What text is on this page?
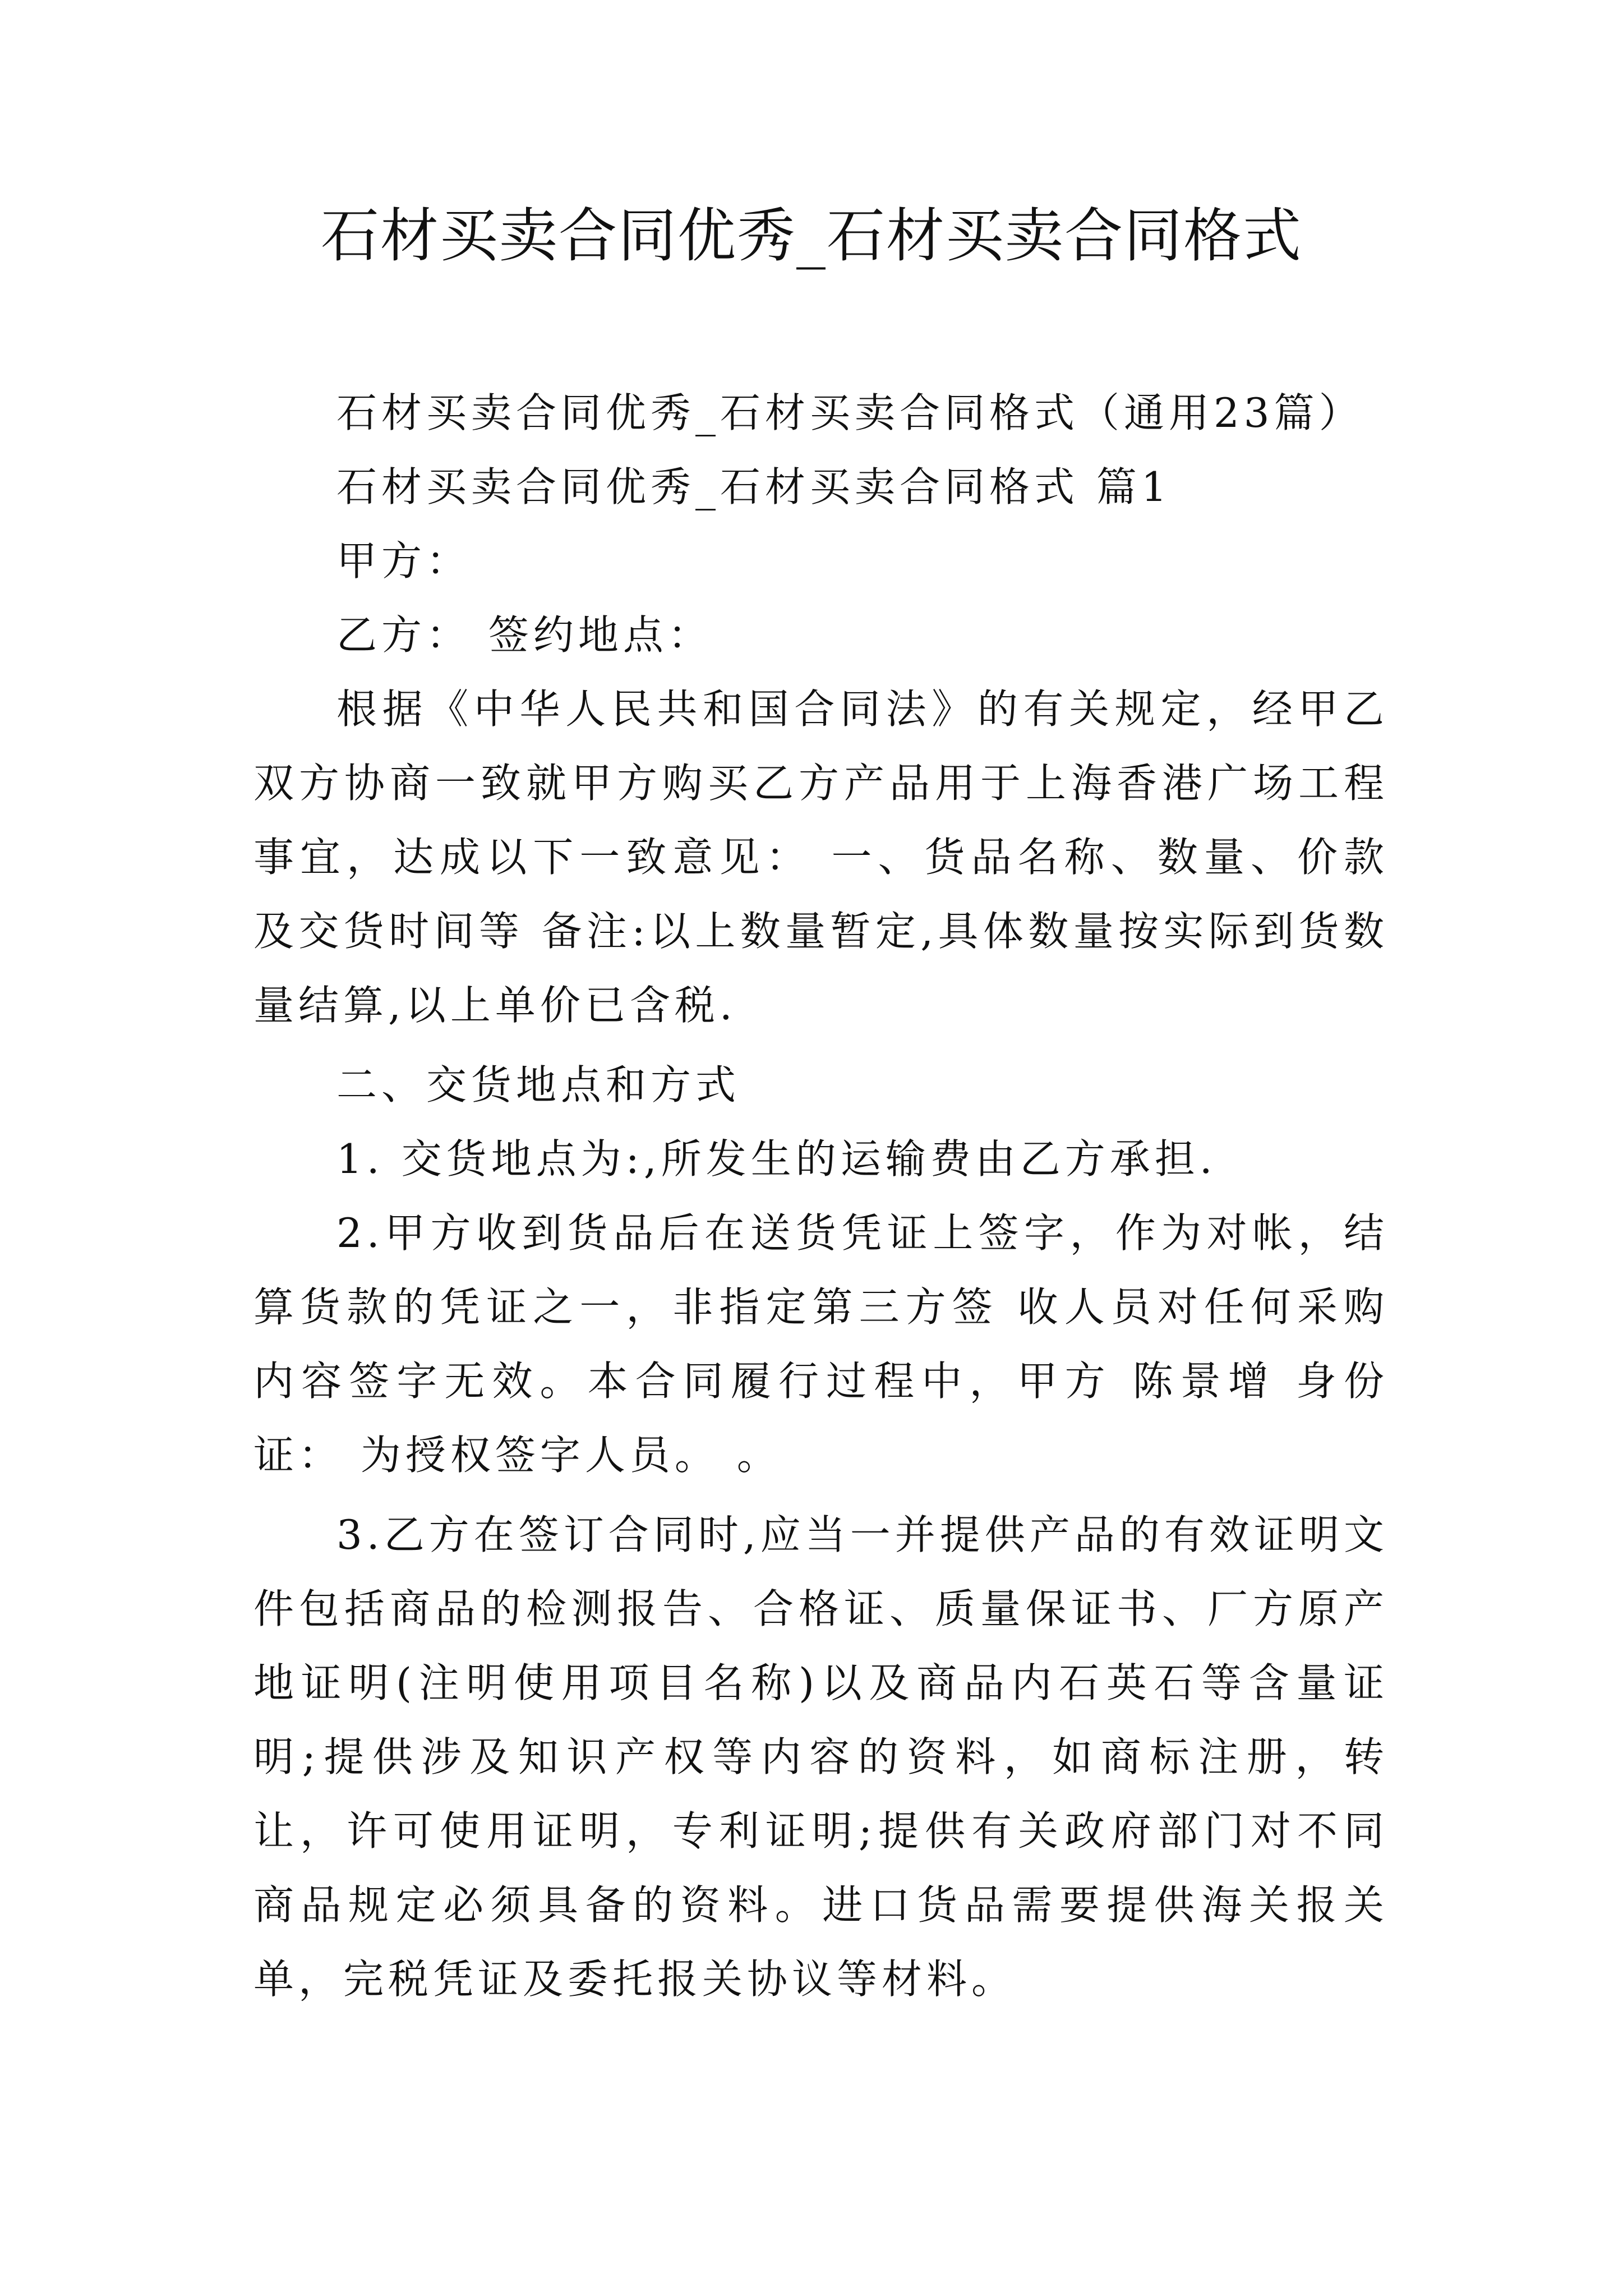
石材买卖合同优秀_石材买卖合同格式

石材买卖合同优秀_石材买卖合同格式（通用23篇）

石材买卖合同优秀_石材买卖合同格式 篇1

甲方：

乙方： 签约地点：

根据《中华人民共和国合同法》的有关规定，经甲乙双方协商一致就甲方购买乙方产品用于上海香港广场工程事宜，达成以下一致意见： 一、货品名称、数量、价款及交货时间等 备注:以上数量暂定,具体数量按实际到货数量结算,以上单价已含税.

二、交货地点和方式

1. 交货地点为:,所发生的运输费由乙方承担.

2.甲方收到货品后在送货凭证上签字，作为对帐，结算货款的凭证之一，非指定第三方签 收人员对任何采购内容签字无效。本合同履行过程中，甲方 陈景增 身份证： 为授权签字人员。 。

3.乙方在签订合同时,应当一并提供产品的有效证明文件包括商品的检测报告、合格证、质量保证书、厂方原产地证明(注明使用项目名称)以及商品内石英石等含量证明;提供涉及知识产权等内容的资料，如商标注册，转让，许可使用证明，专利证明;提供有关政府部门对不同商品规定必须具备的资料。进口货品需要提供海关报关单，完税凭证及委托报关协议等材料。
